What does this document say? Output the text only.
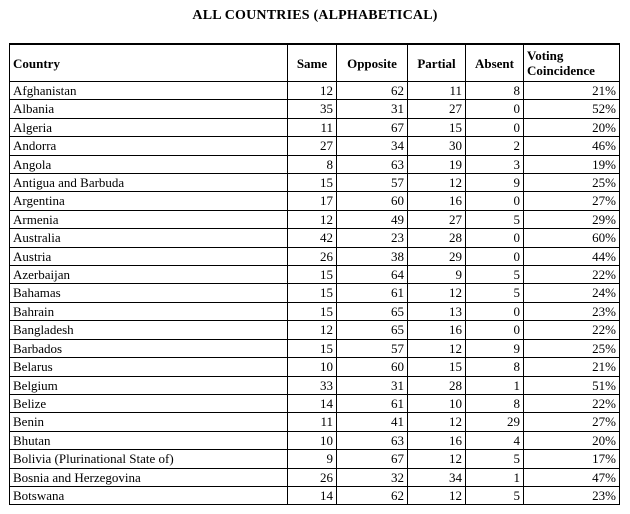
ALL COUNTRIES (ALPHABETICAL)
Country	Same	Opposite	Partial	Absent	Voting
Coincidence
Afghanistan	12	62	11	8	21%
Albania	35	31	27	0	52%
Algeria	11	67	15	0	20%
Andorra	27	34	30	2	46%
Angola	8	63	19	3	19%
Antigua and Barbuda	15	57	12	9	25%
Argentina	17	60	16	0	27%
Armenia	12	49	27	5	29%
Australia	42	23	28	0	60%
Austria	26	38	29	0	44%
Azerbaijan	15	64	9	5	22%
Bahamas	15	61	12	5	24%
Bahrain	15	65	13	0	23%
Bangladesh	12	65	16	0	22%
Barbados	15	57	12	9	25%
Belarus	10	60	15	8	21%
Belgium	33	31	28	1	51%
Belize	14	61	10	8	22%
Benin	11	41	12	29	27%
Bhutan	10	63	16	4	20%
Bolivia (Plurinational State of)	9	67	12	5	17%
Bosnia and Herzegovina	26	32	34	1	47%
Botswana	14	62	12	5	23%
